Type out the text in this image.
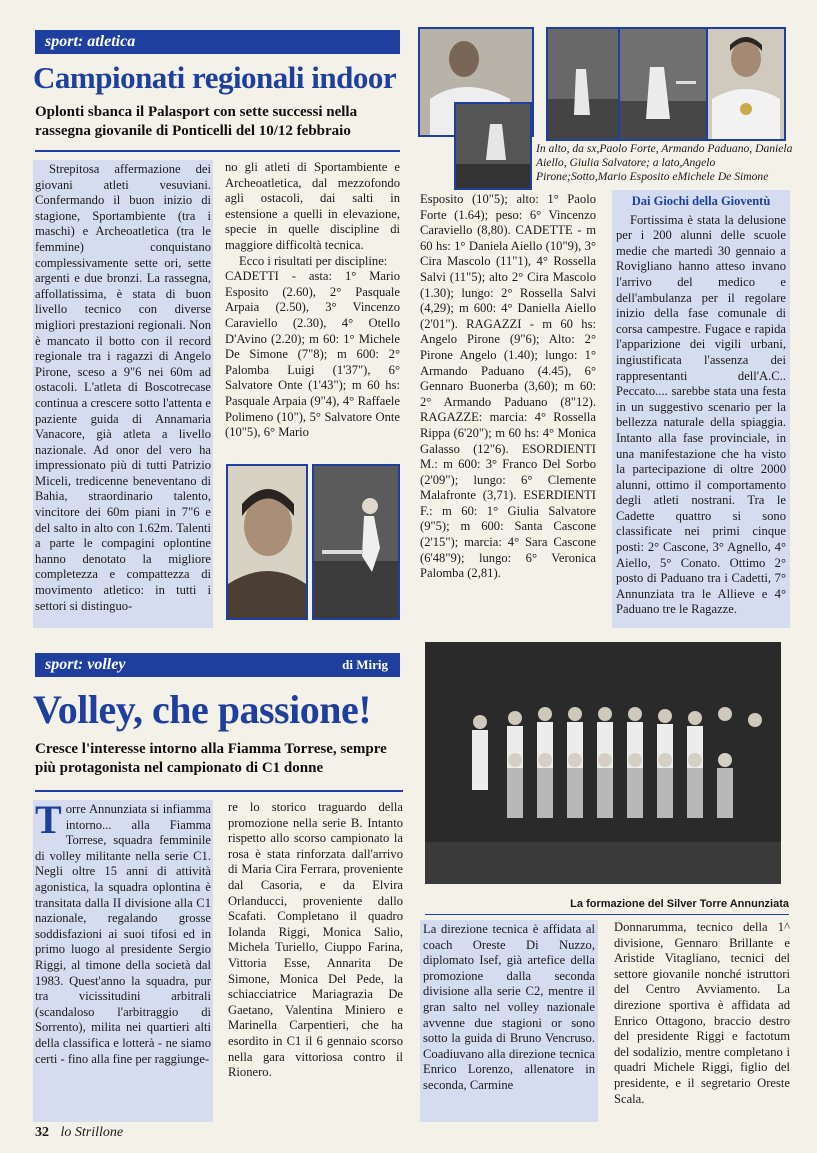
sport: atletica
Campionati regionali indoor
Oplonti sbanca il Palasport con sette successi nella rassegna giovanile di Ponticelli del 10/12 febbraio

Strepitosa affermazione dei giovani atleti vesuviani. Confermando il buon inizio di stagione, Sportambiente (tra i maschi) e Archeoatletica (tra le femmine) conquistano complessivamente sette ori, sette argenti e due bronzi. La rassegna, affollatissima, è stata di buon livello tecnico con diverse migliori prestazioni regionali. Non è mancato il botto con il record regionale tra i ragazzi di Angelo Pirone, sceso a 9"6 nei 60m ad ostacoli. L'atleta di Boscotrecase continua a crescere sotto l'attenta e paziente guida di Annamaria Vanacore, già atleta a livello nazionale. Ad onor del vero ha impressionato più di tutti Patrizio Miceli, tredicenne beneventano di Bahia, straordinario talento, vincitore dei 60m piani in 7"6 e del salto in alto con 1.62m. Talenti a parte le compagini oplontine hanno denotato la migliore completezza e compattezza di movimento atletico: in tutti i settori si distinguo-

no gli atleti di Sportambiente e Archeoatletica, dal mezzofondo agli ostacoli, dai salti in estensione a quelli in elevazione, specie in quelle discipline di maggiore difficoltà tecnica.

Ecco i risultati per discipline:

CADETTI - asta: 1° Mario Esposito (2.60), 2° Pasquale Arpaia (2.50), 3° Vincenzo Caraviello (2.30), 4° Otello D'Avino (2.20); m 60: 1° Michele De Simone (7"8); m 600: 2° Palomba Luigi (1'37"), 6° Salvatore Onte (1'43"); m 60 hs: Pasquale Arpaia (9"4), 4° Raffaele Polimeno (10"), 5° Salvatore Onte (10"5), 6° Mario

Esposito (10"5); alto: 1° Paolo Forte (1.64); peso: 6° Vincenzo Caraviello (8,80). CADETTE - m 60 hs: 1° Daniela Aiello (10"9), 3° Cira Mascolo (11"1), 4° Rossella Salvi (11"5); alto 2° Cira Mascolo (1.30); lungo: 2° Rossella Salvi (4,29); m 600: 4° Daniella Aiello (2'01"). RAGAZZI - m 60 hs: Angelo Pirone (9"6); Alto: 2° Pirone Angelo (1.40); lungo: 1° Armando Paduano (4.45), 6° Gennaro Buonerba (3,60); m 60: 2° Armando Paduano (8"12). RAGAZZE: marcia: 4° Rossella Rippa (6'20"); m 60 hs: 4° Monica Galasso (12"6). ESORDIENTI M.: m 600: 3° Franco Del Sorbo (2'09"); lungo: 6° Clemente Malafronte (3,71). ESERDIENTI F.: m 60: 1° Giulia Salvatore (9"5); m 600: Santa Cascone (2'15"); marcia: 4° Sara Cascone (6'48"9); lungo: 6° Veronica Palomba (2,81).

In alto, da sx,Paolo Forte, Armando Paduano, Daniela Aiello, Giulia Salvatore; a lato,Angelo Pirone;Sotto,Mario Esposito eMichele De Simone
Dai Giochi della Gioventù

Fortissima è stata la delusione per i 200 alunni delle scuole medie che martedì 30 gennaio a Rovigliano hanno atteso invano l'arrivo del medico e dell'ambulanza per il regolare inizio della fase comunale di corsa campestre. Fugace e rapida l'apparizione dei vigili urbani, ingiustificata l'assenza dei rappresentanti dell'A.C.. Peccato.... sarebbe stata una festa in un suggestivo scenario per la bellezza naturale della spiaggia. Intanto alla fase provinciale, in una manifestazione che ha visto la partecipazione di oltre 2000 alunni, ottimo il comportamento degli atleti nostrani. Tra le Cadette quattro si sono classificate nei primi cinque posti: 2° Cascone, 3° Agnello, 4° Aiello, 5° Conato. Ottimo 2° posto di Paduano tra i Cadetti, 7° Annunziata tra le Allieve e 4° Paduano tre le Ragazze.

sport: volley	di Mirig
Volley, che passione!
Cresce l'interesse intorno alla Fiamma Torrese, sempre più protagonista nel campionato di C1 donne

Torre Annunziata si infiamma intorno... alla Fiamma Torrese, squadra femminile di volley militante nella serie C1. Negli oltre 15 anni di attività agonistica, la squadra oplontina è transitata dalla II divisione alla C1 nazionale, regalando grosse soddisfazioni ai suoi tifosi ed in primo luogo al presidente Sergio Riggi, al timone della società dal 1983. Quest'anno la squadra, pur tra vicissitudini arbitrali (scandaloso l'arbitraggio di Sorrento), milita nei quartieri alti della classifica e lotterà - ne siamo certi - fino alla fine per raggiunge-

re lo storico traguardo della promozione nella serie B. Intanto rispetto allo scorso campionato la rosa è stata rinforzata dall'arrivo di Maria Cira Ferrara, proveniente dal Casoria, e da Elvira Orlanducci, proveniente dallo Scafati. Completano il quadro Iolanda Riggi, Monica Salio, Michela Turiello, Ciuppo Farina, Vittoria Esse, Annarita De Simone, Monica Del Pede, la schiacciatrice Mariagrazia De Gaetano, Valentina Miniero e Marinella Carpentieri, che ha esordito in C1 il 6 gennaio scorso nella gara vittoriosa contro il Rionero.

La formazione del Silver Torre Annunziata

La direzione tecnica è affidata al coach Oreste Di Nuzzo, diplomato Isef, già artefice della promozione dalla seconda divisione alla serie C2, mentre il gran salto nel volley nazionale avvenne due stagioni or sono sotto la guida di Bruno Vencruso. Coadiuvano alla direzione tecnica Enrico Lorenzo, allenatore in seconda, Carmine

Donnarumma, tecnico della 1^ divisione, Gennaro Brillante e Aristide Vitagliano, tecnici del settore giovanile nonché istruttori del Centro Avviamento. La direzione sportiva è affidata ad Enrico Ottagono, braccio destro del presidente Riggi e factotum del sodalizio, mentre completano i quadri Michele Riggi, figlio del presidente, e il segretario Oreste Scala.

32 lo Strillone
